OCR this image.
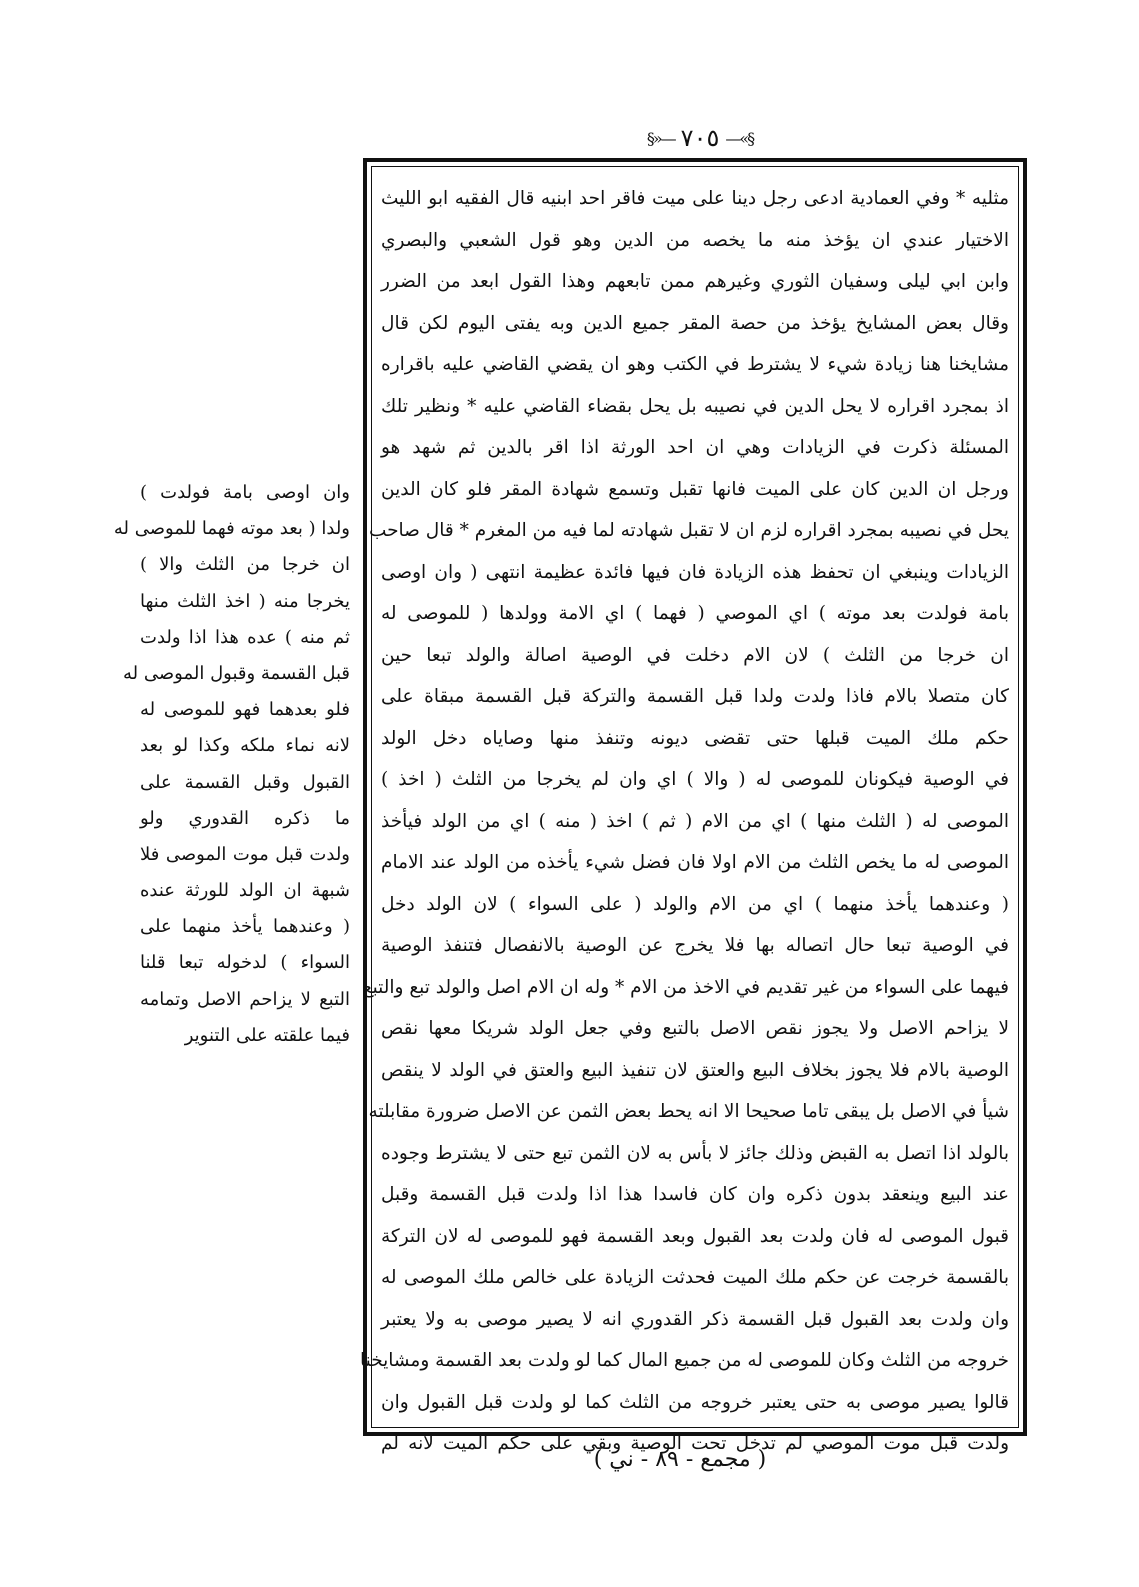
§»—
٧٠٥
—«§
مثليه * وفي العمادية ادعى رجل دينا على ميت فاقر احد ابنيه قال الفقيه ابو الليث
الاختيار عندي ان يؤخذ منه ما يخصه من الدين وهو قول الشعبي والبصري
وابن ابي ليلى وسفيان الثوري وغيرهم ممن تابعهم وهذا القول ابعد من الضرر
وقال بعض المشايخ يؤخذ من حصة المقر جميع الدين وبه يفتى اليوم لكن قال
مشايخنا هنا زيادة شيء لا يشترط في الكتب وهو ان يقضي القاضي عليه باقراره
اذ بمجرد اقراره لا يحل الدين في نصيبه بل يحل بقضاء القاضي عليه * ونظير تلك
المسئلة ذكرت في الزيادات وهي ان احد الورثة اذا اقر بالدين ثم شهد هو
ورجل ان الدين كان على الميت فانها تقبل وتسمع شهادة المقر فلو كان الدين
يحل في نصيبه بمجرد اقراره لزم ان لا تقبل شهادته لما فيه من المغرم * قال صاحب
الزيادات وينبغي ان تحفظ هذه الزيادة فان فيها فائدة عظيمة انتهى ( وان اوصى
بامة فولدت بعد موته ) اي الموصي ( فهما ) اي الامة وولدها ( للموصى له
ان خرجا من الثلث ) لان الام دخلت في الوصية اصالة والولد تبعا حين
كان متصلا بالام فاذا ولدت ولدا قبل القسمة والتركة قبل القسمة مبقاة على
حكم ملك الميت قبلها حتى تقضى ديونه وتنفذ منها وصاياه دخل الولد
في الوصية فيكونان للموصى له ( والا ) اي وان لم يخرجا من الثلث ( اخذ )
الموصى له ( الثلث منها ) اي من الام ( ثم ) اخذ ( منه ) اي من الولد فيأخذ
الموصى له ما يخص الثلث من الام اولا فان فضل شيء يأخذه من الولد عند الامام
( وعندهما يأخذ منهما ) اي من الام والولد ( على السواء ) لان الولد دخل
في الوصية تبعا حال اتصاله بها فلا يخرج عن الوصية بالانفصال فتنفذ الوصية
فيهما على السواء من غير تقديم في الاخذ من الام * وله ان الام اصل والولد تبع والتبع
لا يزاحم الاصل ولا يجوز نقص الاصل بالتبع وفي جعل الولد شريكا معها نقص
الوصية بالام فلا يجوز بخلاف البيع والعتق لان تنفيذ البيع والعتق في الولد لا ينقص
شيأ في الاصل بل يبقى تاما صحيحا الا انه يحط بعض الثمن عن الاصل ضرورة مقابلته
بالولد اذا اتصل به القبض وذلك جائز لا بأس به لان الثمن تبع حتى لا يشترط وجوده
عند البيع وينعقد بدون ذكره وان كان فاسدا هذا اذا ولدت قبل القسمة وقبل
قبول الموصى له فان ولدت بعد القبول وبعد القسمة فهو للموصى له لان التركة
بالقسمة خرجت عن حكم ملك الميت فحدثت الزيادة على خالص ملك الموصى له
وان ولدت بعد القبول قبل القسمة ذكر القدوري انه لا يصير موصى به ولا يعتبر
خروجه من الثلث وكان للموصى له من جميع المال كما لو ولدت بعد القسمة ومشايخنا
قالوا يصير موصى به حتى يعتبر خروجه من الثلث كما لو ولدت قبل القبول وان
ولدت قبل موت الموصي لم تدخل تحت الوصية وبقي على حكم الميت لانه لم
وان اوصى بامة فولدت )
ولدا ( بعد موته فهما للموصى له
ان خرجا من الثلث والا )
يخرجا منه ( اخذ الثلث منها
ثم منه ) عده هذا اذا ولدت
قبل القسمة وقبول الموصى له
فلو بعدهما فهو للموصى له
لانه نماء ملكه وكذا لو بعد
القبول وقبل القسمة على
ما ذكره القدوري ولو
ولدت قبل موت الموصى فلا
شبهة ان الولد للورثة عنده
( وعندهما يأخذ منهما على
السواء ) لدخوله تبعا قلنا
التبع لا يزاحم الاصل وتمامه
فيما علقته على التنوير
( مجمع - ٨٩ - ني )
